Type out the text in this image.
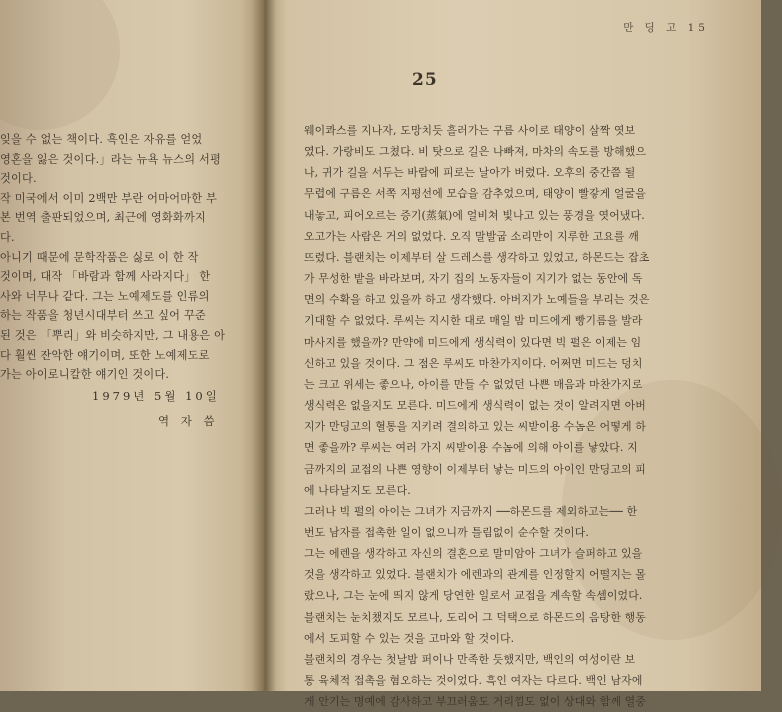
잊을 수 없는 책이다. 흑인은 자유를 얻었

영혼을 잃은 것이다.」라는 뉴욕 뉴스의 서평

것이다.

작 미국에서 이미 2백만 부란 어마어마한 부

본 번역 출판되었으며, 최근에 영화화까지

다.

아니기 때문에 문학작품은 싫로 이 한 작

것이며, 대작 「바람과 함께 사라지다」 한

사와 너무나 같다. 그는 노예제도를 인류의

하는 작품을 청년시대부터 쓰고 싶어 꾸준

된 것은 「뿌리」와 비슷하지만, 그 내용은 아

다 훨씬 잔악한 얘기이며, 또한 노예제도로

가는 아이로니칼한 얘기인 것이다.

1979년 5월 10일
역 자 씀
만 딩 고 15
25

웨이콰스를 지나자, 도망치듯 흘러가는 구름 사이로 태양이 살짝 엿보

였다. 가랑비도 그쳤다. 비 탓으로 길은 나빠져, 마차의 속도를 방해했으

나, 귀가 길을 서두는 바람에 피로는 날아가 버렸다. 오후의 중간쯤 될

무렵에 구름은 서쪽 지평선에 모습을 감추었으며, 태양이 빨갛게 얼굴을

내놓고, 피어오르는 증기(蒸氣)에 얼비쳐 빛나고 있는 풍경을 엿어냈다.

오고가는 사람은 거의 없었다. 오직 말발굽 소리만이 지루한 고요를 깨

뜨렸다. 블랜치는 이제부터 살 드레스를 생각하고 있었고, 하몬드는 잡초

가 무성한 밭을 바라보며, 자기 집의 노동자들이 지기가 없는 동안에 독

면의 수확을 하고 있을까 하고 생각했다. 아버지가 노예들을 부리는 것은

기대할 수 없었다. 루씨는 지시한 대로 매일 밤 미드에게 빵기름을 발라

마사지를 했을까? 만약에 미드에게 생식력이 있다면 빅 펄은 이제는 임

신하고 있을 것이다. 그 점은 루씨도 마찬가지이다. 어쩌면 미드는 덩치

는 크고 위세는 좋으나, 아이를 만들 수 없었던 나쁜 매음과 마찬가지로

생식력은 없을지도 모른다. 미드에게 생식력이 없는 것이 알려지면 아버

지가 만딩고의 혈통을 지키려 결의하고 있는 씨받이용 수놈은 어떻게 하

면 좋을까? 루씨는 여러 가지 씨받이용 수놈에 의해 아이를 낳았다. 지

금까지의 교접의 나쁜 영향이 이제부터 낳는 미드의 아이인 만딩고의 피

에 나타날지도 모른다.

그러나 빅 펄의 아이는 그녀가 지금까지 ──하몬드를 제외하고는── 한

번도 남자를 접촉한 일이 없으니까 틀림없이 순수할 것이다.

그는 에렌을 생각하고 자신의 결혼으로 말미암아 그녀가 슬퍼하고 있을

것을 생각하고 있었다. 블랜치가 에렌과의 관계를 인정할지 어떨지는 몰

랐으나, 그는 눈에 띄지 않게 당연한 일로서 교접을 계속할 속셈이었다.

블랜치는 눈치챘지도 모르나, 도리어 그 덕택으로 하몬드의 음탕한 행동

에서 도피할 수 있는 것을 고마와 할 것이다.

블랜치의 경우는 첫날밤 퍼이나 만족한 듯했지만, 백인의 여성이란 보

통 육체적 접촉을 혐오하는 것이었다. 흑인 여자는 다르다. 백인 남자에

게 안기는 명예에 감사하고 부끄러움도 거리낌도 없이 상대와 함께 열중
